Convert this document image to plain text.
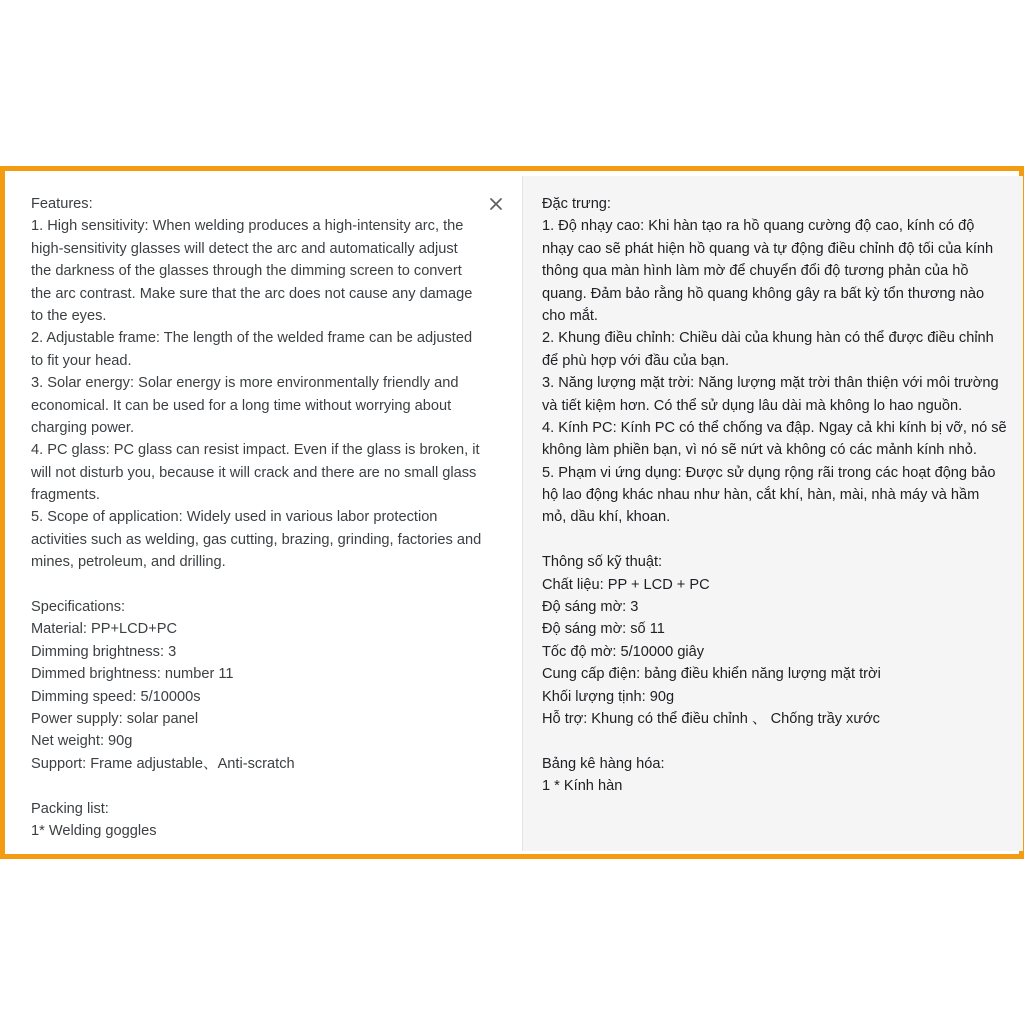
Features:
1. High sensitivity: When welding produces a high-intensity arc, the
high-sensitivity glasses will detect the arc and automatically adjust
the darkness of the glasses through the dimming screen to convert
the arc contrast. Make sure that the arc does not cause any damage
to the eyes.
2. Adjustable frame: The length of the welded frame can be adjusted
to fit your head.
3. Solar energy: Solar energy is more environmentally friendly and
economical. It can be used for a long time without worrying about
charging power.
4. PC glass: PC glass can resist impact. Even if the glass is broken, it
will not disturb you, because it will crack and there are no small glass
fragments.
5. Scope of application: Widely used in various labor protection
activities such as welding, gas cutting, brazing, grinding, factories and
mines, petroleum, and drilling.
Specifications:
Material: PP+LCD+PC
Dimming brightness: 3
Dimmed brightness: number 11
Dimming speed: 5/10000s
Power supply: solar panel
Net weight: 90g
Support: Frame adjustable、Anti-scratch
Packing list:
1* Welding goggles
Đặc trưng:
1. Độ nhạy cao: Khi hàn tạo ra hồ quang cường độ cao, kính có độ
nhạy cao sẽ phát hiện hồ quang và tự động điều chỉnh độ tối của kính
thông qua màn hình làm mờ để chuyển đổi độ tương phản của hồ
quang. Đảm bảo rằng hồ quang không gây ra bất kỳ tổn thương nào
cho mắt.
2. Khung điều chỉnh: Chiều dài của khung hàn có thể được điều chỉnh
để phù hợp với đầu của bạn.
3. Năng lượng mặt trời: Năng lượng mặt trời thân thiện với môi trường
và tiết kiệm hơn. Có thể sử dụng lâu dài mà không lo hao nguồn.
4. Kính PC: Kính PC có thể chống va đập. Ngay cả khi kính bị vỡ, nó sẽ
không làm phiền bạn, vì nó sẽ nứt và không có các mảnh kính nhỏ.
5. Phạm vi ứng dụng: Được sử dụng rộng rãi trong các hoạt động bảo
hộ lao động khác nhau như hàn, cắt khí, hàn, mài, nhà máy và hầm
mỏ, dầu khí, khoan.
Thông số kỹ thuật:
Chất liệu: PP + LCD + PC
Độ sáng mờ: 3
Độ sáng mờ: số 11
Tốc độ mờ: 5/10000 giây
Cung cấp điện: bảng điều khiển năng lượng mặt trời
Khối lượng tịnh: 90g
Hỗ trợ: Khung có thể điều chỉnh 、 Chống trầy xước
Bảng kê hàng hóa:
1 * Kính hàn
